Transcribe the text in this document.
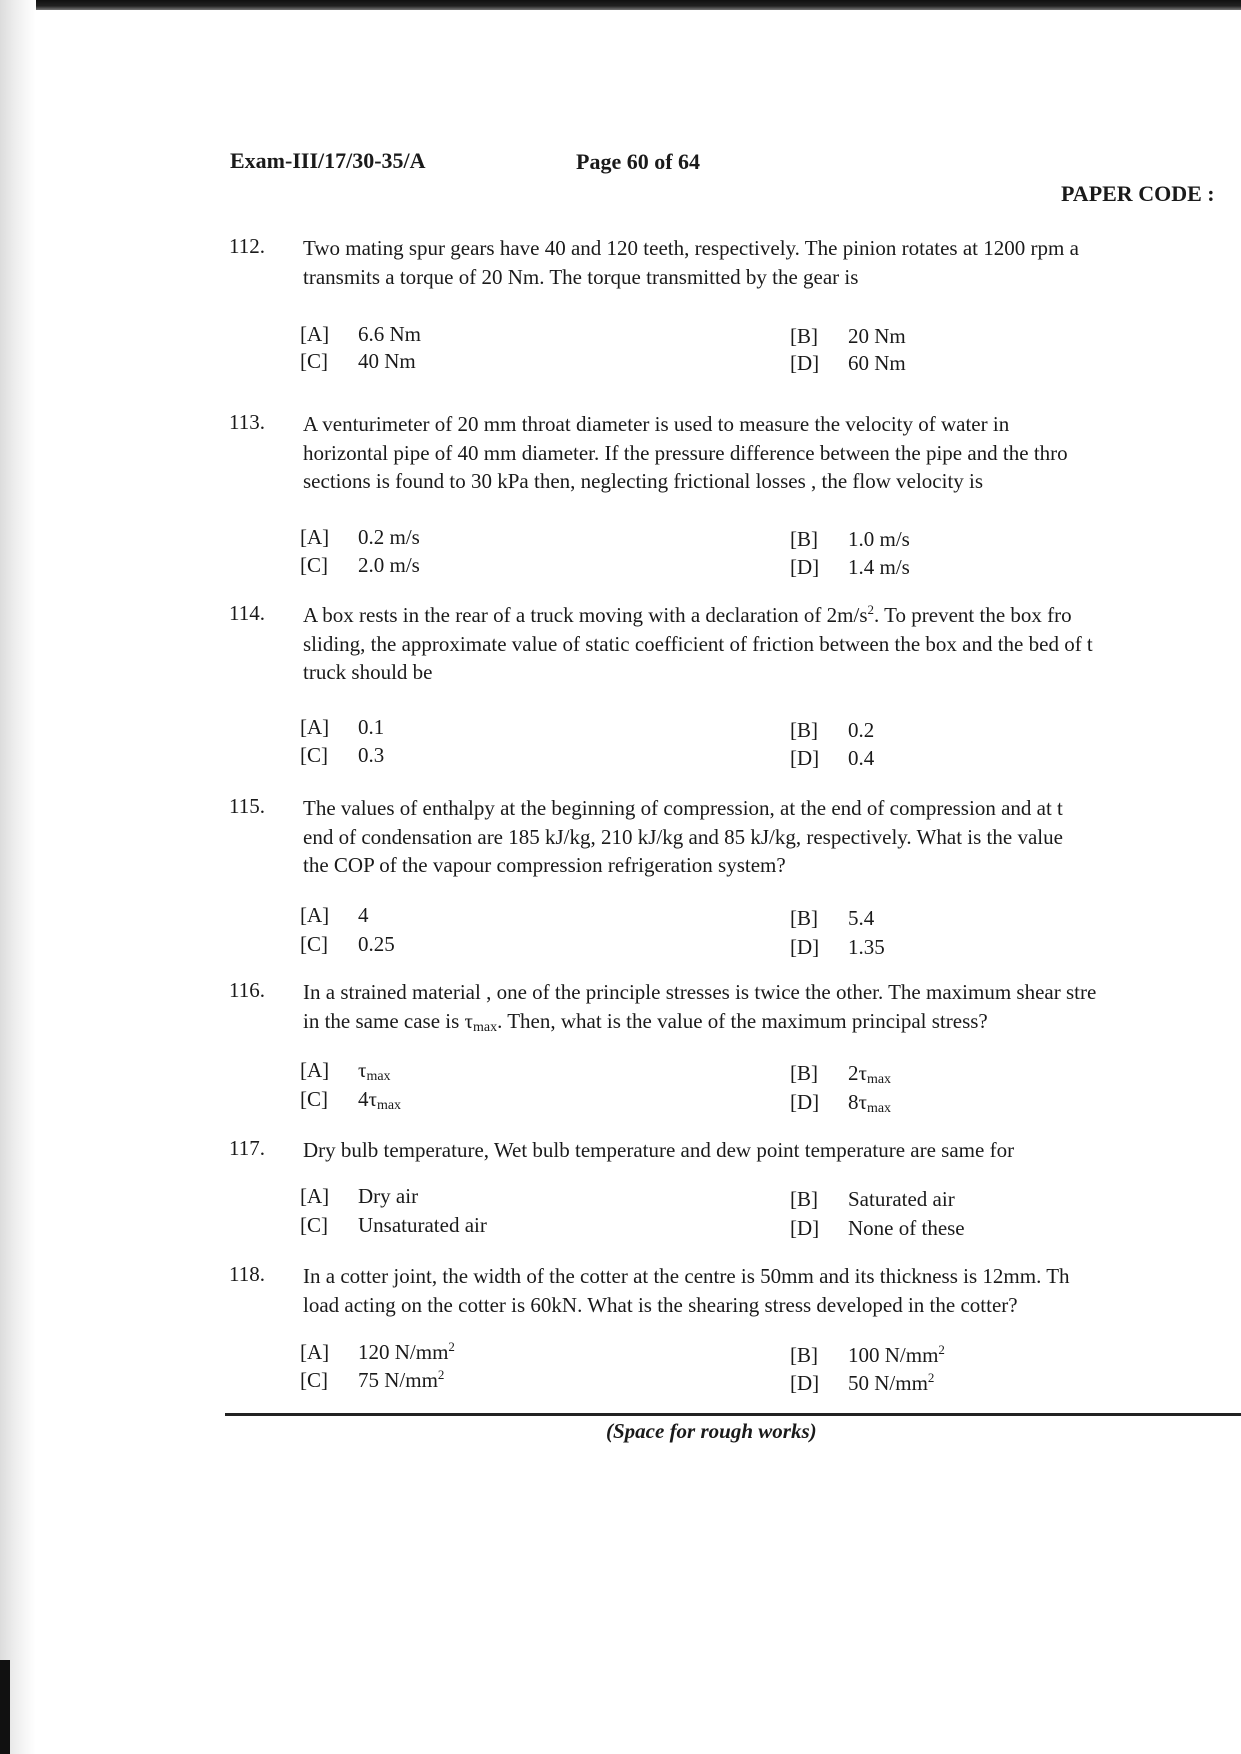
Exam-III/17/30-35/A	Page 60 of 64
PAPER CODE :
112. Two mating spur gears have 40 and 120 teeth, respectively. The pinion rotates at 1200 rpm a
transmits a torque of 20 Nm. The torque transmitted by the gear is
[A] 6.6 Nm	[B] 20 Nm
[C] 40 Nm	[D] 60 Nm
113. A venturimeter of 20 mm throat diameter is used to measure the velocity of water in
horizontal pipe of 40 mm diameter. If the pressure difference between the pipe and the thro
sections is found to 30 kPa then, neglecting frictional losses , the flow velocity is
[A] 0.2 m/s	[B] 1.0 m/s
[C] 2.0 m/s	[D] 1.4 m/s
114. A box rests in the rear of a truck moving with a declaration of $2m/s^2$. To prevent the box fro
sliding, the approximate value of static coefficient of friction between the box and the bed of t
truck should be
[A] 0.1	[B] 0.2
[C] 0.3	[D] 0.4
115. The values of enthalpy at the beginning of compression, at the end of compression and at t
end of condensation are 185 kJ/kg, 210 kJ/kg and 85 kJ/kg, respectively. What is the value
the COP of the vapour compression refrigeration system?
[A] 4	[B] 5.4
[C] 0.25	[D] 1.35
116. In a strained material , one of the principle stresses is twice the other. The maximum shear stre
in the same case is $\tau_{max}$. Then, what is the value of the maximum principal stress?
[A] $\tau_{max}$	[B] $2\tau_{max}$
[C] $4\tau_{max}$	[D] $8\tau_{max}$
117. Dry bulb temperature, Wet bulb temperature and dew point temperature are same for
[A] Dry air	[B] Saturated air
[C] Unsaturated air	[D] None of these
118. In a cotter joint, the width of the cotter at the centre is 50mm and its thickness is 12mm. Th
load acting on the cotter is 60kN. What is the shearing stress developed in the cotter?
[A] 120 $N/mm^2$	[B] 100 $N/mm^2$
[C] 75 $N/mm^2$	[D] 50 $N/mm^2$
(Space for rough works)
